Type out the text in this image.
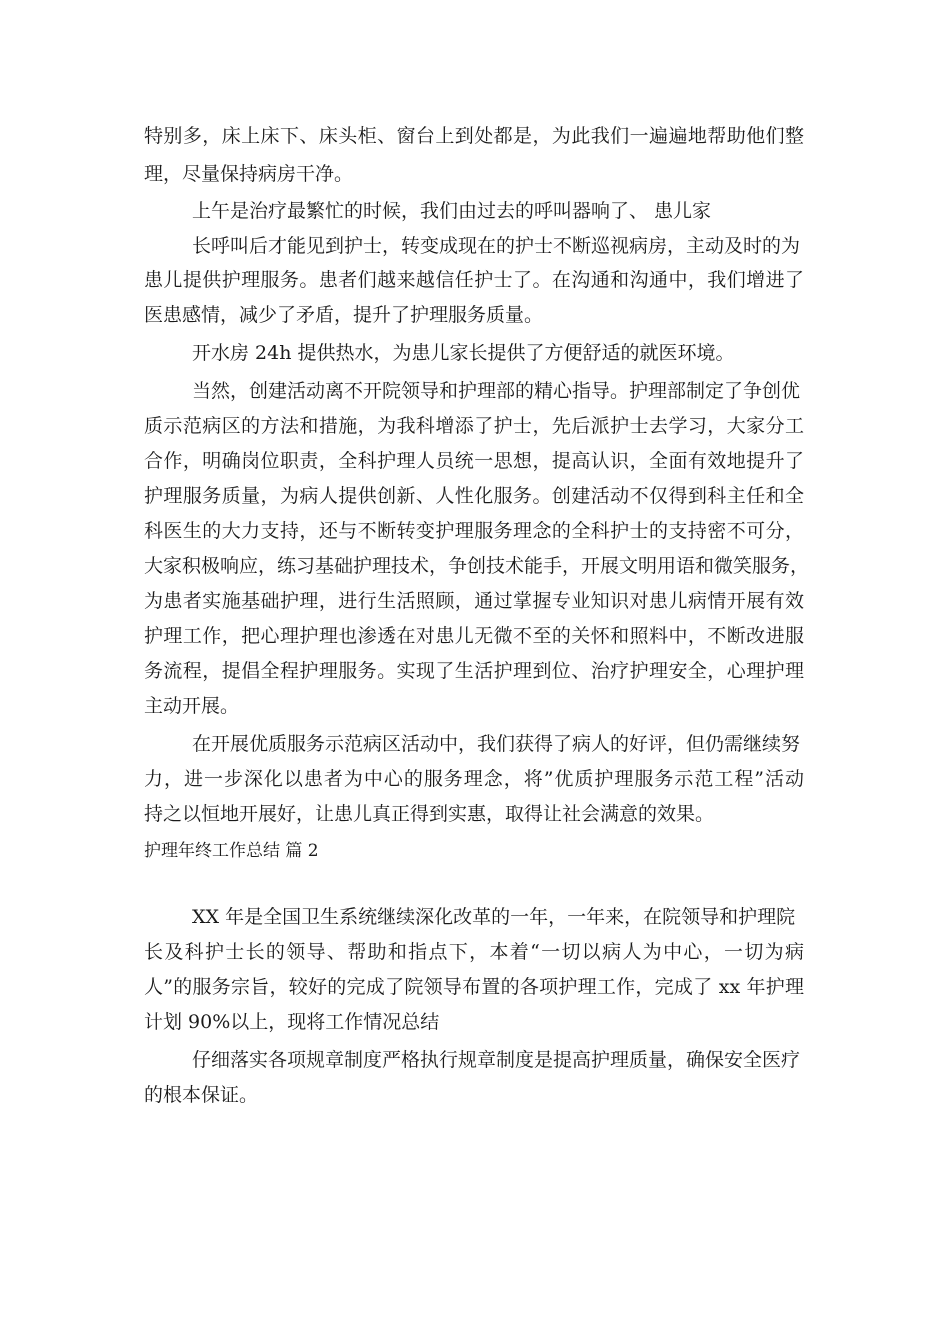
特别多，床上床下、床头柜、窗台上到处都是，为此我们一遍遍地帮助他们整
理，尽量保持病房干净。
上午是治疗最繁忙的时候，我们由过去的呼叫器响了、 患儿家
长呼叫后才能见到护士，转变成现在的护士不断巡视病房，主动及时的为
患儿提供护理服务。患者们越来越信任护士了。在沟通和沟通中，我们增进了
医患感情，减少了矛盾，提升了护理服务质量。
开水房 24h 提供热水，为患儿家长提供了方便舒适的就医环境。
当然，创建活动离不开院领导和护理部的精心指导。护理部制定了争创优
质示范病区的方法和措施，为我科增添了护士，先后派护士去学习，大家分工
合作，明确岗位职责，全科护理人员统一思想，提高认识，全面有效地提升了
护理服务质量，为病人提供创新、人性化服务。创建活动不仅得到科主任和全
科医生的大力支持，还与不断转变护理服务理念的全科护士的支持密不可分，
大家积极响应，练习基础护理技术，争创技术能手，开展文明用语和微笑服务，
为患者实施基础护理，进行生活照顾，通过掌握专业知识对患儿病情开展有效
护理工作，把心理护理也渗透在对患儿无微不至的关怀和照料中，不断改进服
务流程，提倡全程护理服务。实现了生活护理到位、治疗护理安全，心理护理
主动开展。
在开展优质服务示范病区活动中，我们获得了病人的好评，但仍需继续努
力，进一步深化以患者为中心的服务理念，将”优质护理服务示范工程”活动
持之以恒地开展好，让患儿真正得到实惠，取得让社会满意的效果。
护理年终工作总结 篇 2
XX 年是全国卫生系统继续深化改革的一年，一年来，在院领导和护理院
长及科护士长的领导、帮助和指点下，本着“一切以病人为中心，一切为病
人”的服务宗旨，较好的完成了院领导布置的各项护理工作，完成了 xx 年护理
计划 90%以上，现将工作情况总结
仔细落实各项规章制度严格执行规章制度是提高护理质量，确保安全医疗
的根本保证。
